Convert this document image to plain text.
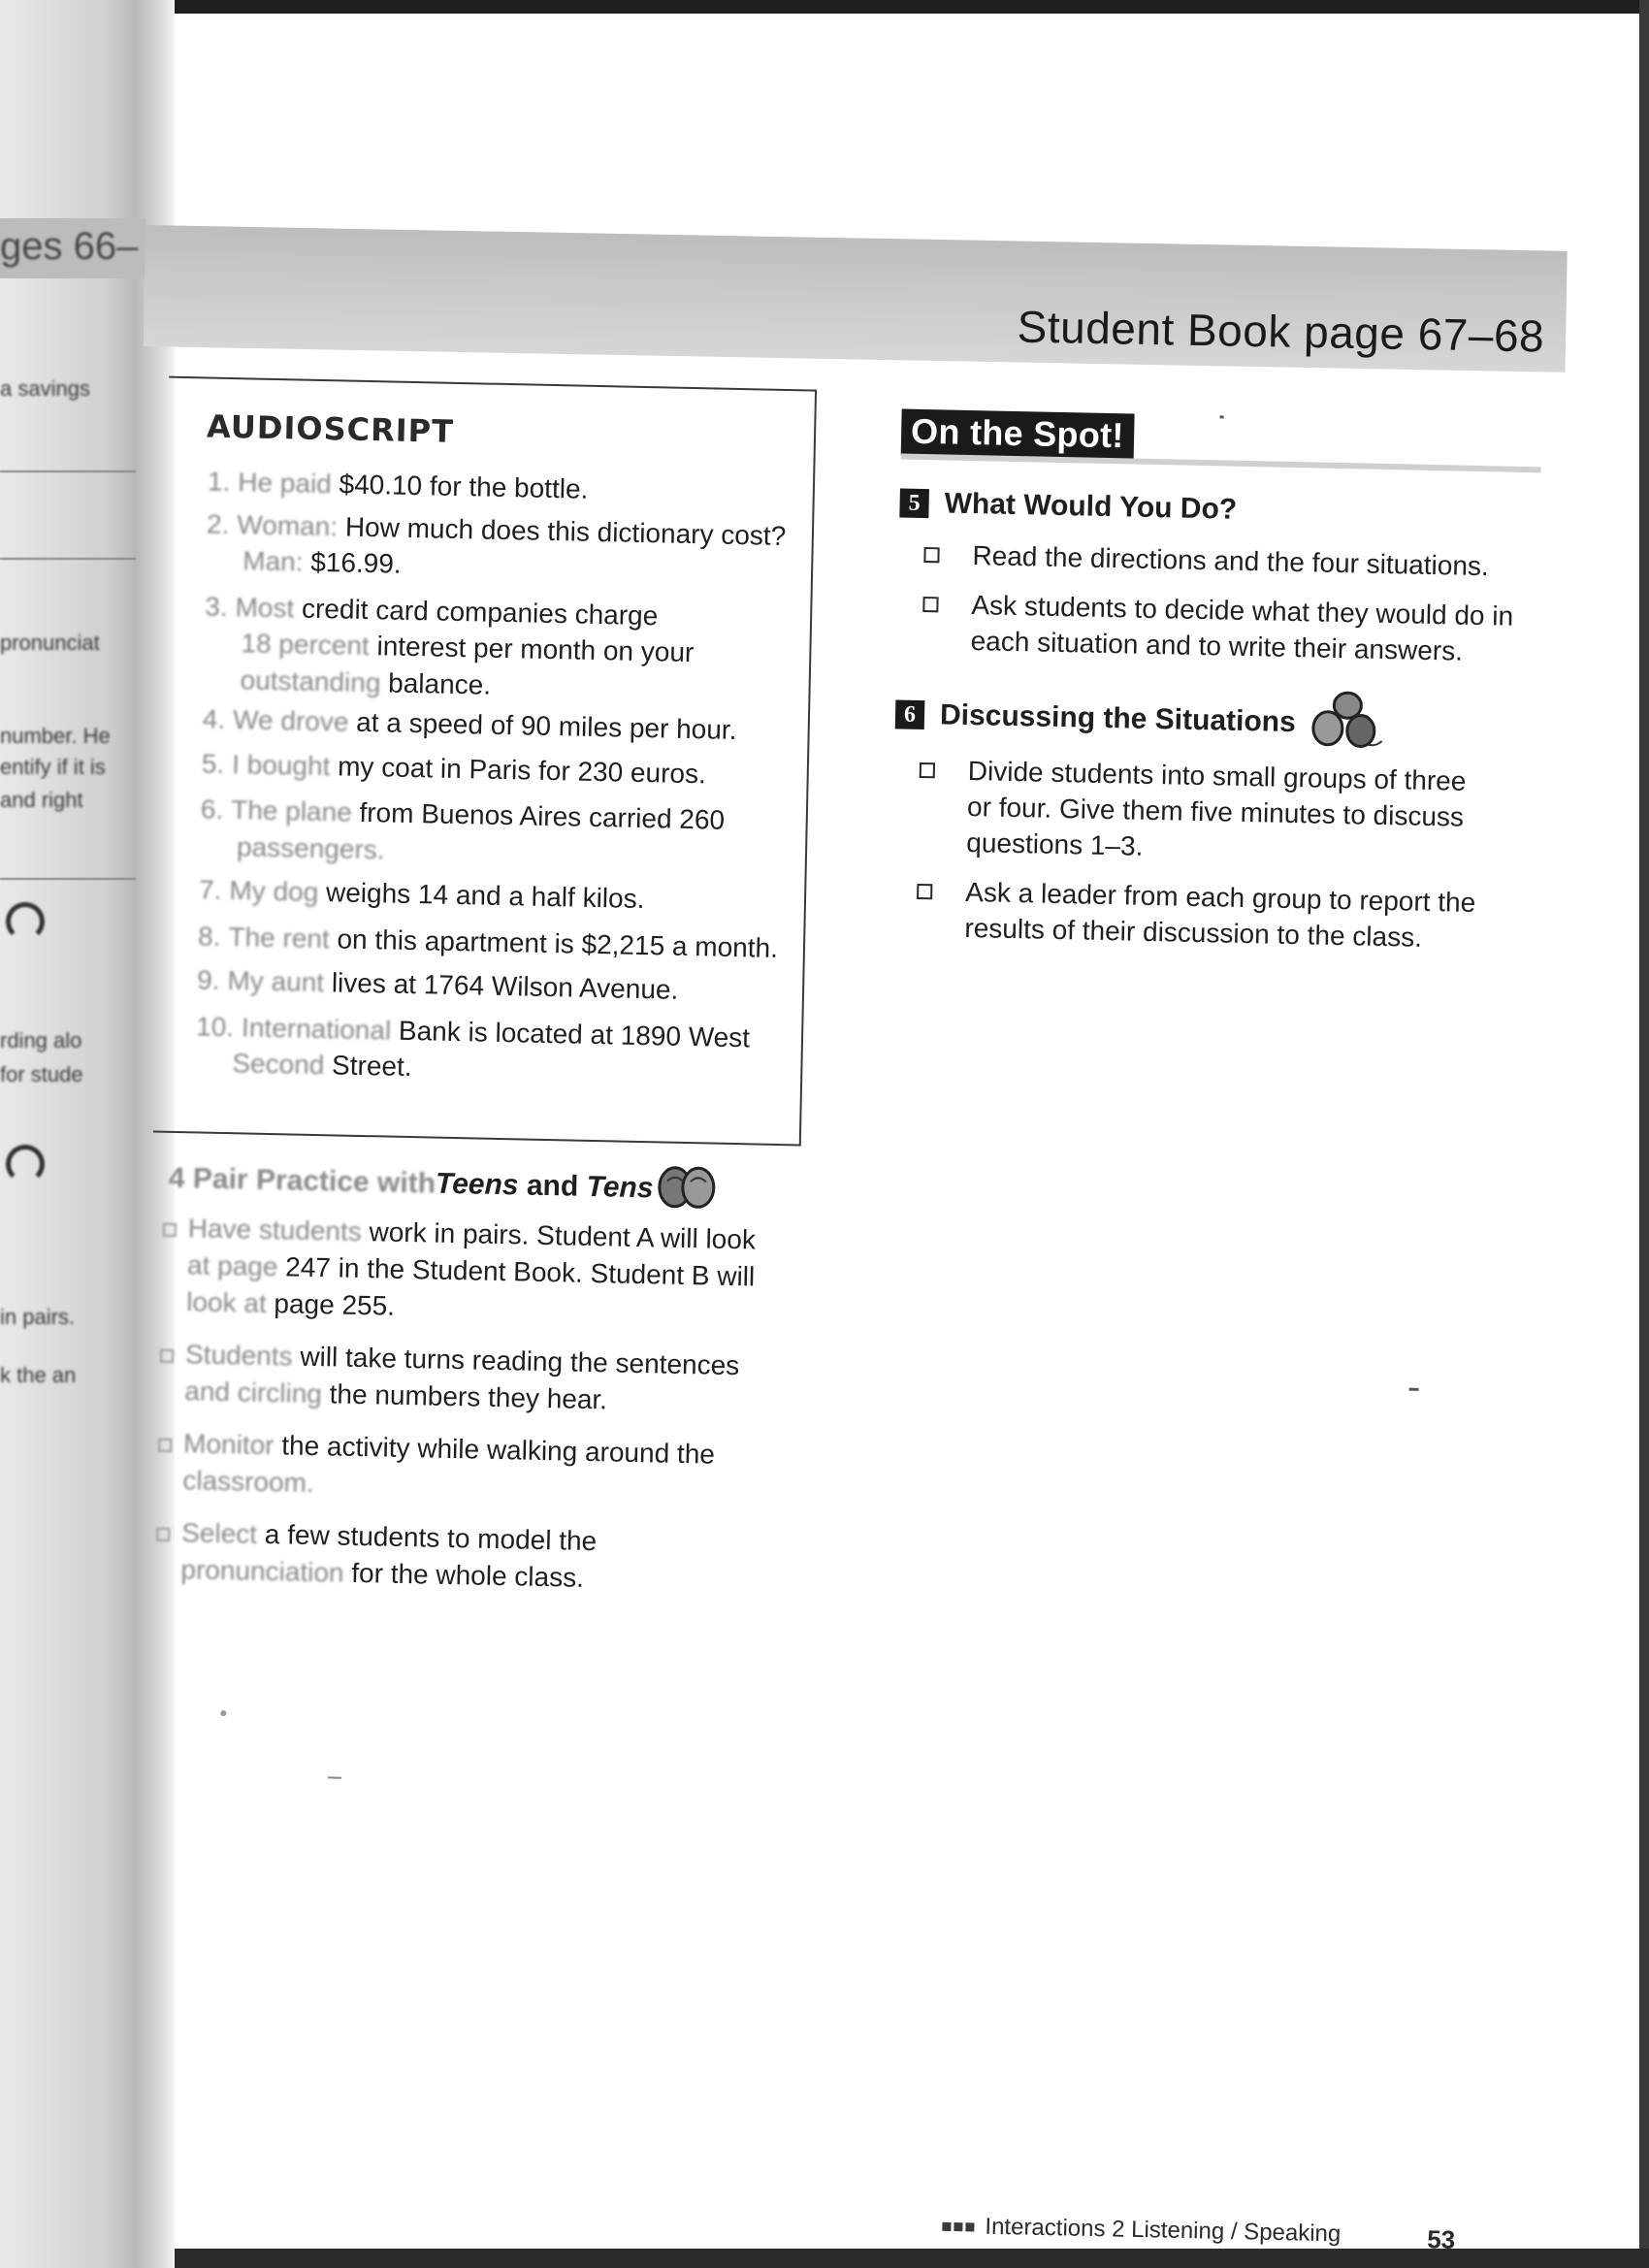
ges 66–
a savings
pronunciat
number. He
entify if it is
and right
rding alo
for stude
in pairs.
k the an
Student Book page 67–68
AUDIOSCRIPT
1. He paid $40.10 for the bottle.
2. Woman: How much does this dictionary cost?
Man: $16.99.
3. Most credit card companies charge
18 percent interest per month on your
outstanding balance.
4. We drove at a speed of 90 miles per hour.
5. I bought my coat in Paris for 230 euros.
6. The plane from Buenos Aires carried 260
passengers.
7. My dog weighs 14 and a half kilos.
8. The rent on this apartment is $2,215 a month.
9. My aunt lives at 1764 Wilson Avenue.
10. International Bank is located at 1890 West
Second Street.
4 Pair Practice withTeens and Tens
Have students work in pairs. Student A will look
at page 247 in the Student Book. Student B will
look at page 255.
Students will take turns reading the sentences
and circling the numbers they hear.
Monitor the activity while walking around the
classroom.
Select a few students to model the
pronunciation for the whole class.
On the Spot!
5 What Would You Do?
Read the directions and the four situations.
Ask students to decide what they would do in
each situation and to write their answers.
6 Discussing the Situations
Divide students into small groups of three
or four. Give them five minutes to discuss
questions 1–3.
Ask a leader from each group to report the
results of their discussion to the class.
Interactions 2 Listening / Speaking	53
